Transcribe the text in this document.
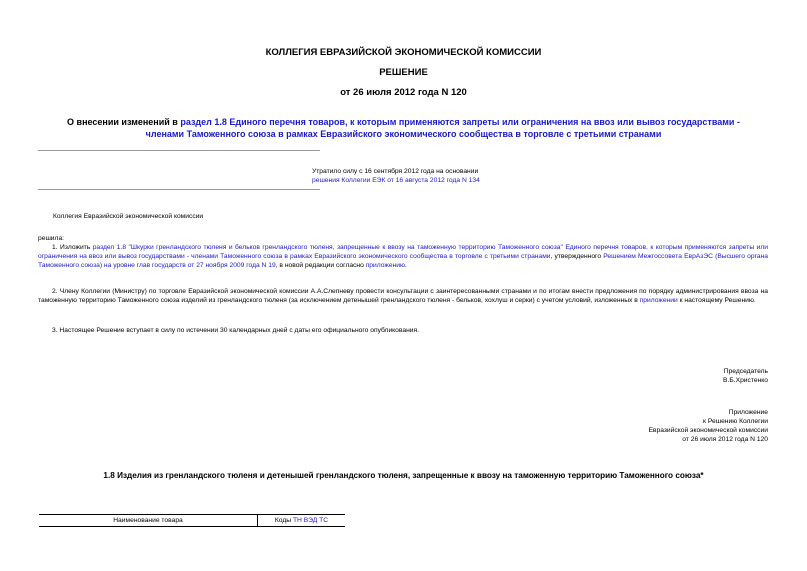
КОЛЛЕГИЯ ЕВРАЗИЙСКОЙ ЭКОНОМИЧЕСКОЙ КОМИССИИ
РЕШЕНИЕ
от 26 июля 2012 года N 120
О внесении изменений в раздел 1.8 Единого перечня товаров, к которым применяются запреты или ограничения на ввоз или вывоз государствами - членами Таможенного союза в рамках Евразийского экономического сообщества в торговле с третьими странами
Утратило силу с 16 сентября 2012 года на основании
решения Коллегии ЕЭК от 16 августа 2012 года N 134
Коллегия Евразийской экономической комиссии
решила:
1. Изложить раздел 1.8 "Шкурки гренландского тюленя и бельков гренландского тюленя, запрещенные к ввозу на таможенную территорию Таможенного союза" Единого перечня товаров, к которым применяются запреты или ограничения на ввоз или вывоз государствами - членами Таможенного союза в рамках Евразийского экономического сообщества в торговле с третьими странами, утвержденного Решением Межгоссовета ЕврАзЭС (Высшего органа Таможенного союза) на уровне глав государств от 27 ноября 2009 года N 19, в новой редакции согласно приложению.
2. Члену Коллегии (Министру) по торговле Евразийской экономической комиссии А.А.Слепневу провести консультации с заинтересованными странами и по итогам внести предложения по порядку администрирования ввоза на таможенную территорию Таможенного союза изделий из гренландского тюленя (за исключением детенышей гренландского тюленя - бельков, хохлуш и серки) с учетом условий, изложенных в приложении к настоящему Решению.
3. Настоящее Решение вступает в силу по истечении 30 календарных дней с даты его официального опубликования.
Председатель
В.Б.Христенко
Приложение
к Решению Коллегии
Евразийской экономической комиссии
от 26 июля 2012 года N 120
1.8 Изделия из гренландского тюленя и детенышей гренландского тюленя, запрещенные к ввозу на таможенную территорию Таможенного союза*
Наименование товара	Коды ТН ВЭД ТС
